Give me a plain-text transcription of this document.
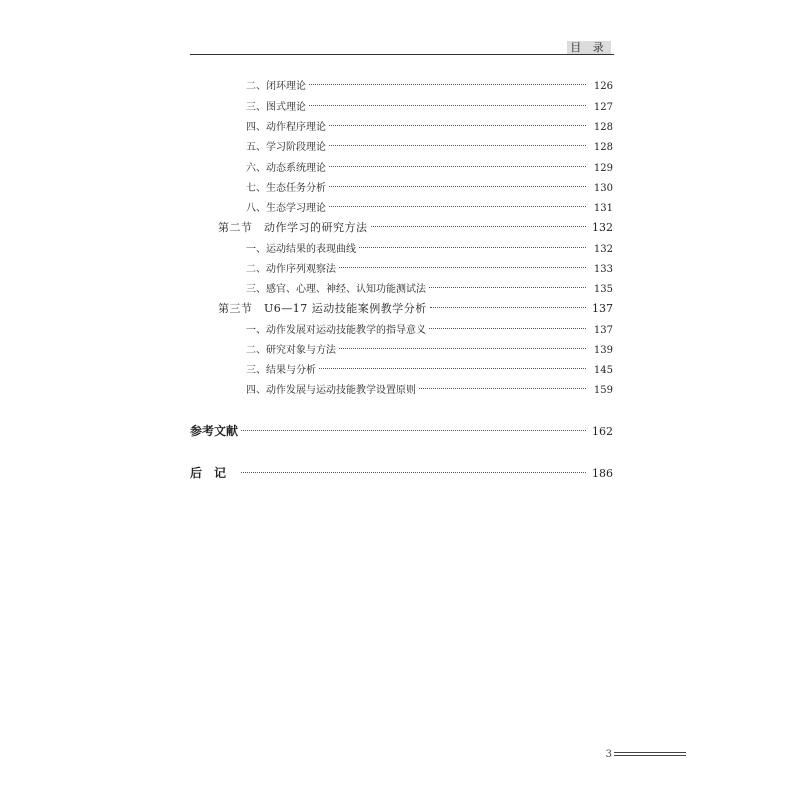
目 录
二、闭环理论	126
三、图式理论	127
四、动作程序理论	128
五、学习阶段理论	128
六、动态系统理论	129
七、生态任务分析	130
八、生态学习理论	131
第二节　动作学习的研究方法	132
一、运动结果的表现曲线	132
二、动作序列观察法	133
三、感官、心理、神经、认知功能测试法	135
第三节　U6—17 运动技能案例教学分析	137
一、动作发展对运动技能教学的指导意义	137
二、研究对象与方法	139
三、结果与分析	145
四、动作发展与运动技能教学设置原则	159
参考文献	162
后记	186
3
